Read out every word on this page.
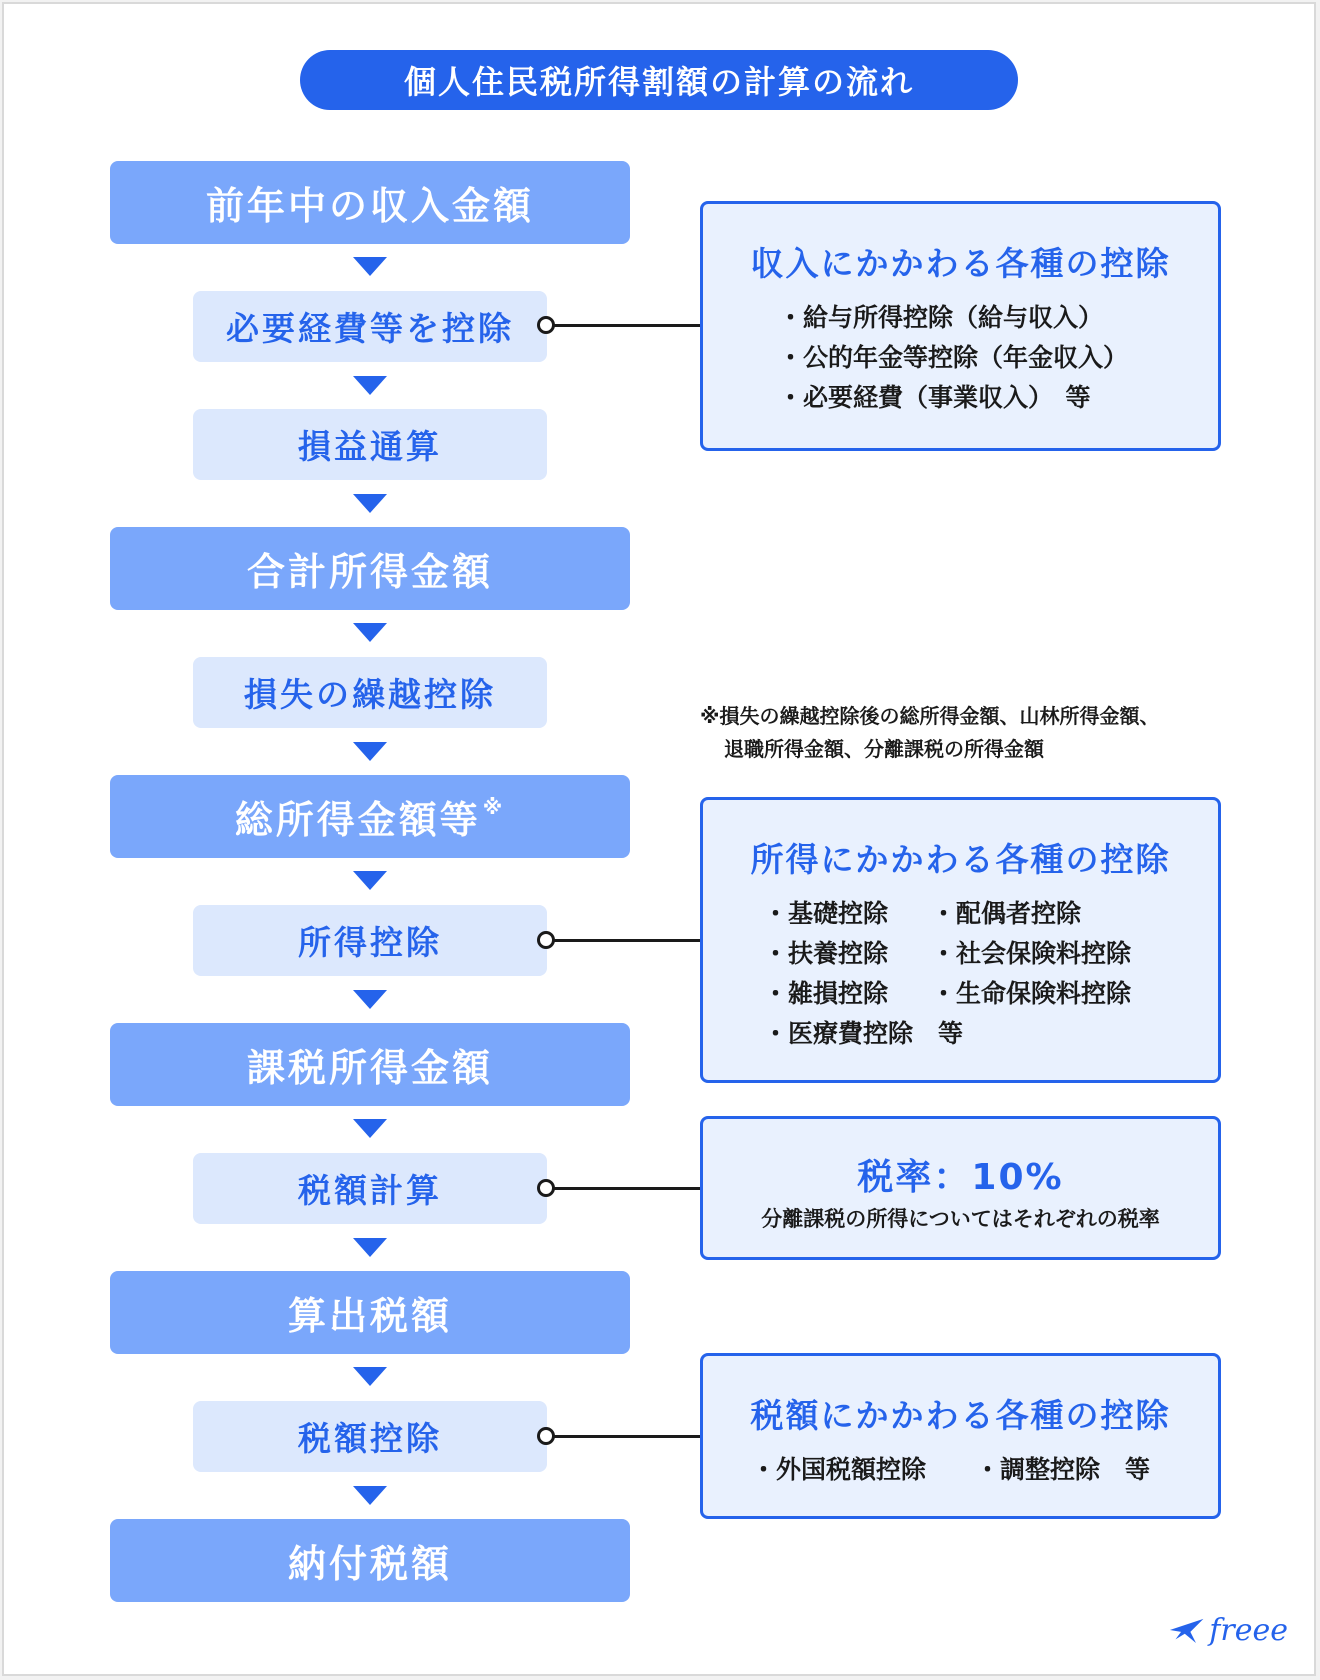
個人住民税所得割額の計算の流れ
前年中の収入金額
必要経費等を控除
損益通算
合計所得金額
損失の繰越控除
総所得金額等※
所得控除
課税所得金額
税額計算
算出税額
税額控除
納付税額
収入にかかわる各種の控除
・給与所得控除（給与収入）
・公的年金等控除（年金収入）
・必要経費（事業収入）　等
※損失の繰越控除後の総所得金額、山林所得金額、
退職所得金額、分離課税の所得金額
所得にかかわる各種の控除
・基礎控除 ・配偶者控除
・扶養控除 ・社会保険料控除
・雑損控除 ・生命保険料控除
・医療費控除　等
税率：10%
分離課税の所得についてはそれぞれの税率
税額にかかわる各種の控除
・外国税額控除 ・調整控除　等
freee
